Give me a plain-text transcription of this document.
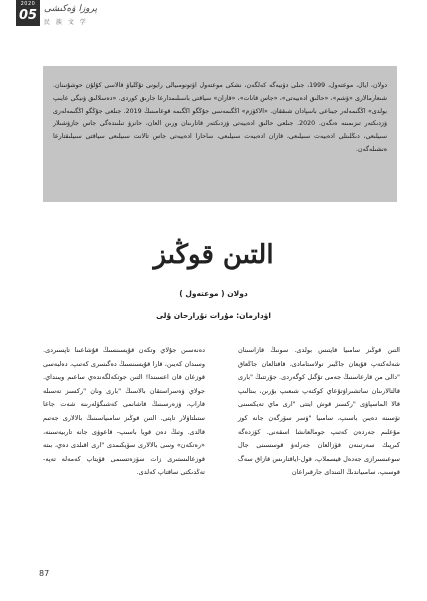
2020
05 پروزا ۋەكىشى
民 族 文 学
دولان، ايال، موعتەول، 1999، جىلى دۆنيەگە كەلگەن، نشكى موعتەول اۆتونومىيالى رايونى تۇڭلياۋ قالاسى كۇلۇن حوشۇنىنان. شىعارمالارى «ۆشم»، «حالىق ادەبيەتى»، «جاس قانات»، «قازان» سياقتى باسىلىمدارعا جارىق كوردى. «دەسلالىق ۋنيگى عايىپ بولدى» اڭگىمەلەر جيناعى باسپادان شىققان. «الاكۆزم» اڭگىمەسى جۇڭگو اڭگىمە قوعامىنىڭ 2019. جىلعى جۇڭگو اڭگىمەلەرى ۋزدىكتەر تىزىمىنە ەنگەن. 2020. جىلعى حالىق ادەبيەتى ۋزدىكتەر قاتارىنان ورىن العان، حانزۋ تىلىندەگى جاس جازۋشىلار سىيلىعى، دىڭلىنلى ادەبيەت سىيلىعى، قازان ادەبيەت سىيلىعى، ساحارا ادەبيەتى جاس تالانت سىيلىعى سياقتى سىيلىقتارعا ەنشىلەگەن.
التىن قوڭىز
دولان ( موعتەول )
اۋدارمان: مۇرات تۇرارحان ۇلى

التىن قوڭىز سامىيا قايتىس بولدى. سونىڭ قازاسىنان شەلەكتەپ قۇيعان جاڭبىر تولاستامادى، قاقتالعان جاڭعاق "دالى من قارعاسنىڭ جەمى تۇگىل كوگەردى. جۇرتتىڭ "بارى قالتالارىنان ساتشىراۋتۇعاي كوكتەپ شىعىپ بۇرىن، بىتالىپ قالا الماسپاۋى "ركسىز قوش ايتتى "ارى ماي تەيكسىنى تۆسىنە دەيىن باسىپ، سامىيا "ۋسر سۆرگەن جانە كوز مۇعلىم جەردەن كەتىپ جومالعانشا اسقەنى. كۆزدەگە كىرپىك سەرتىنەن قۆزالعان جەرلەۋ قوسسىنى جال سوعىسىرازى جەدەل قيسملاپ، قول-اياقتارىس قازاق سەگ قوسىپ، سامىياندىڭ التىندای جارقىراعان

دەنەسىن جۇلاي وتكەن قۇيسىنسىڭ قۇشاعىنا تاپسىردى. وسىدان كەيىن، قارا قۇيسىنسىڭ دەگىسرى كەتىپ، دەلبەسى قوزعان قان اعسىندا! التىن جوتكەلگەندەي ساعىم ويىنداي. جولاي ۋەسراستقان بالاسىڭ "بارى ونان "ركسىز تەسىلە قاراپ، ۋزەرسىنىڭ قاشانمى كەشىگۆلەرىنە شەت جاعا ستىلتاۋلار تاپتى. التىن قوڭىز سامىياسىنىڭ بالالارى جەتىم قالدى. وتىڭ دەن قويا باسىپ- قاعوۋى جانە تاربيەسىنە، «رەتكەن» وسى بالالارى سۆيكىمدى "ارى اقىلدى دەي، بىتە قوزعالىستىرى زات سۆزەتسىمى قۆيتاپ كەمەلە تەپە-تەڭدىكتى ساقتاپ كەلدى.

87
